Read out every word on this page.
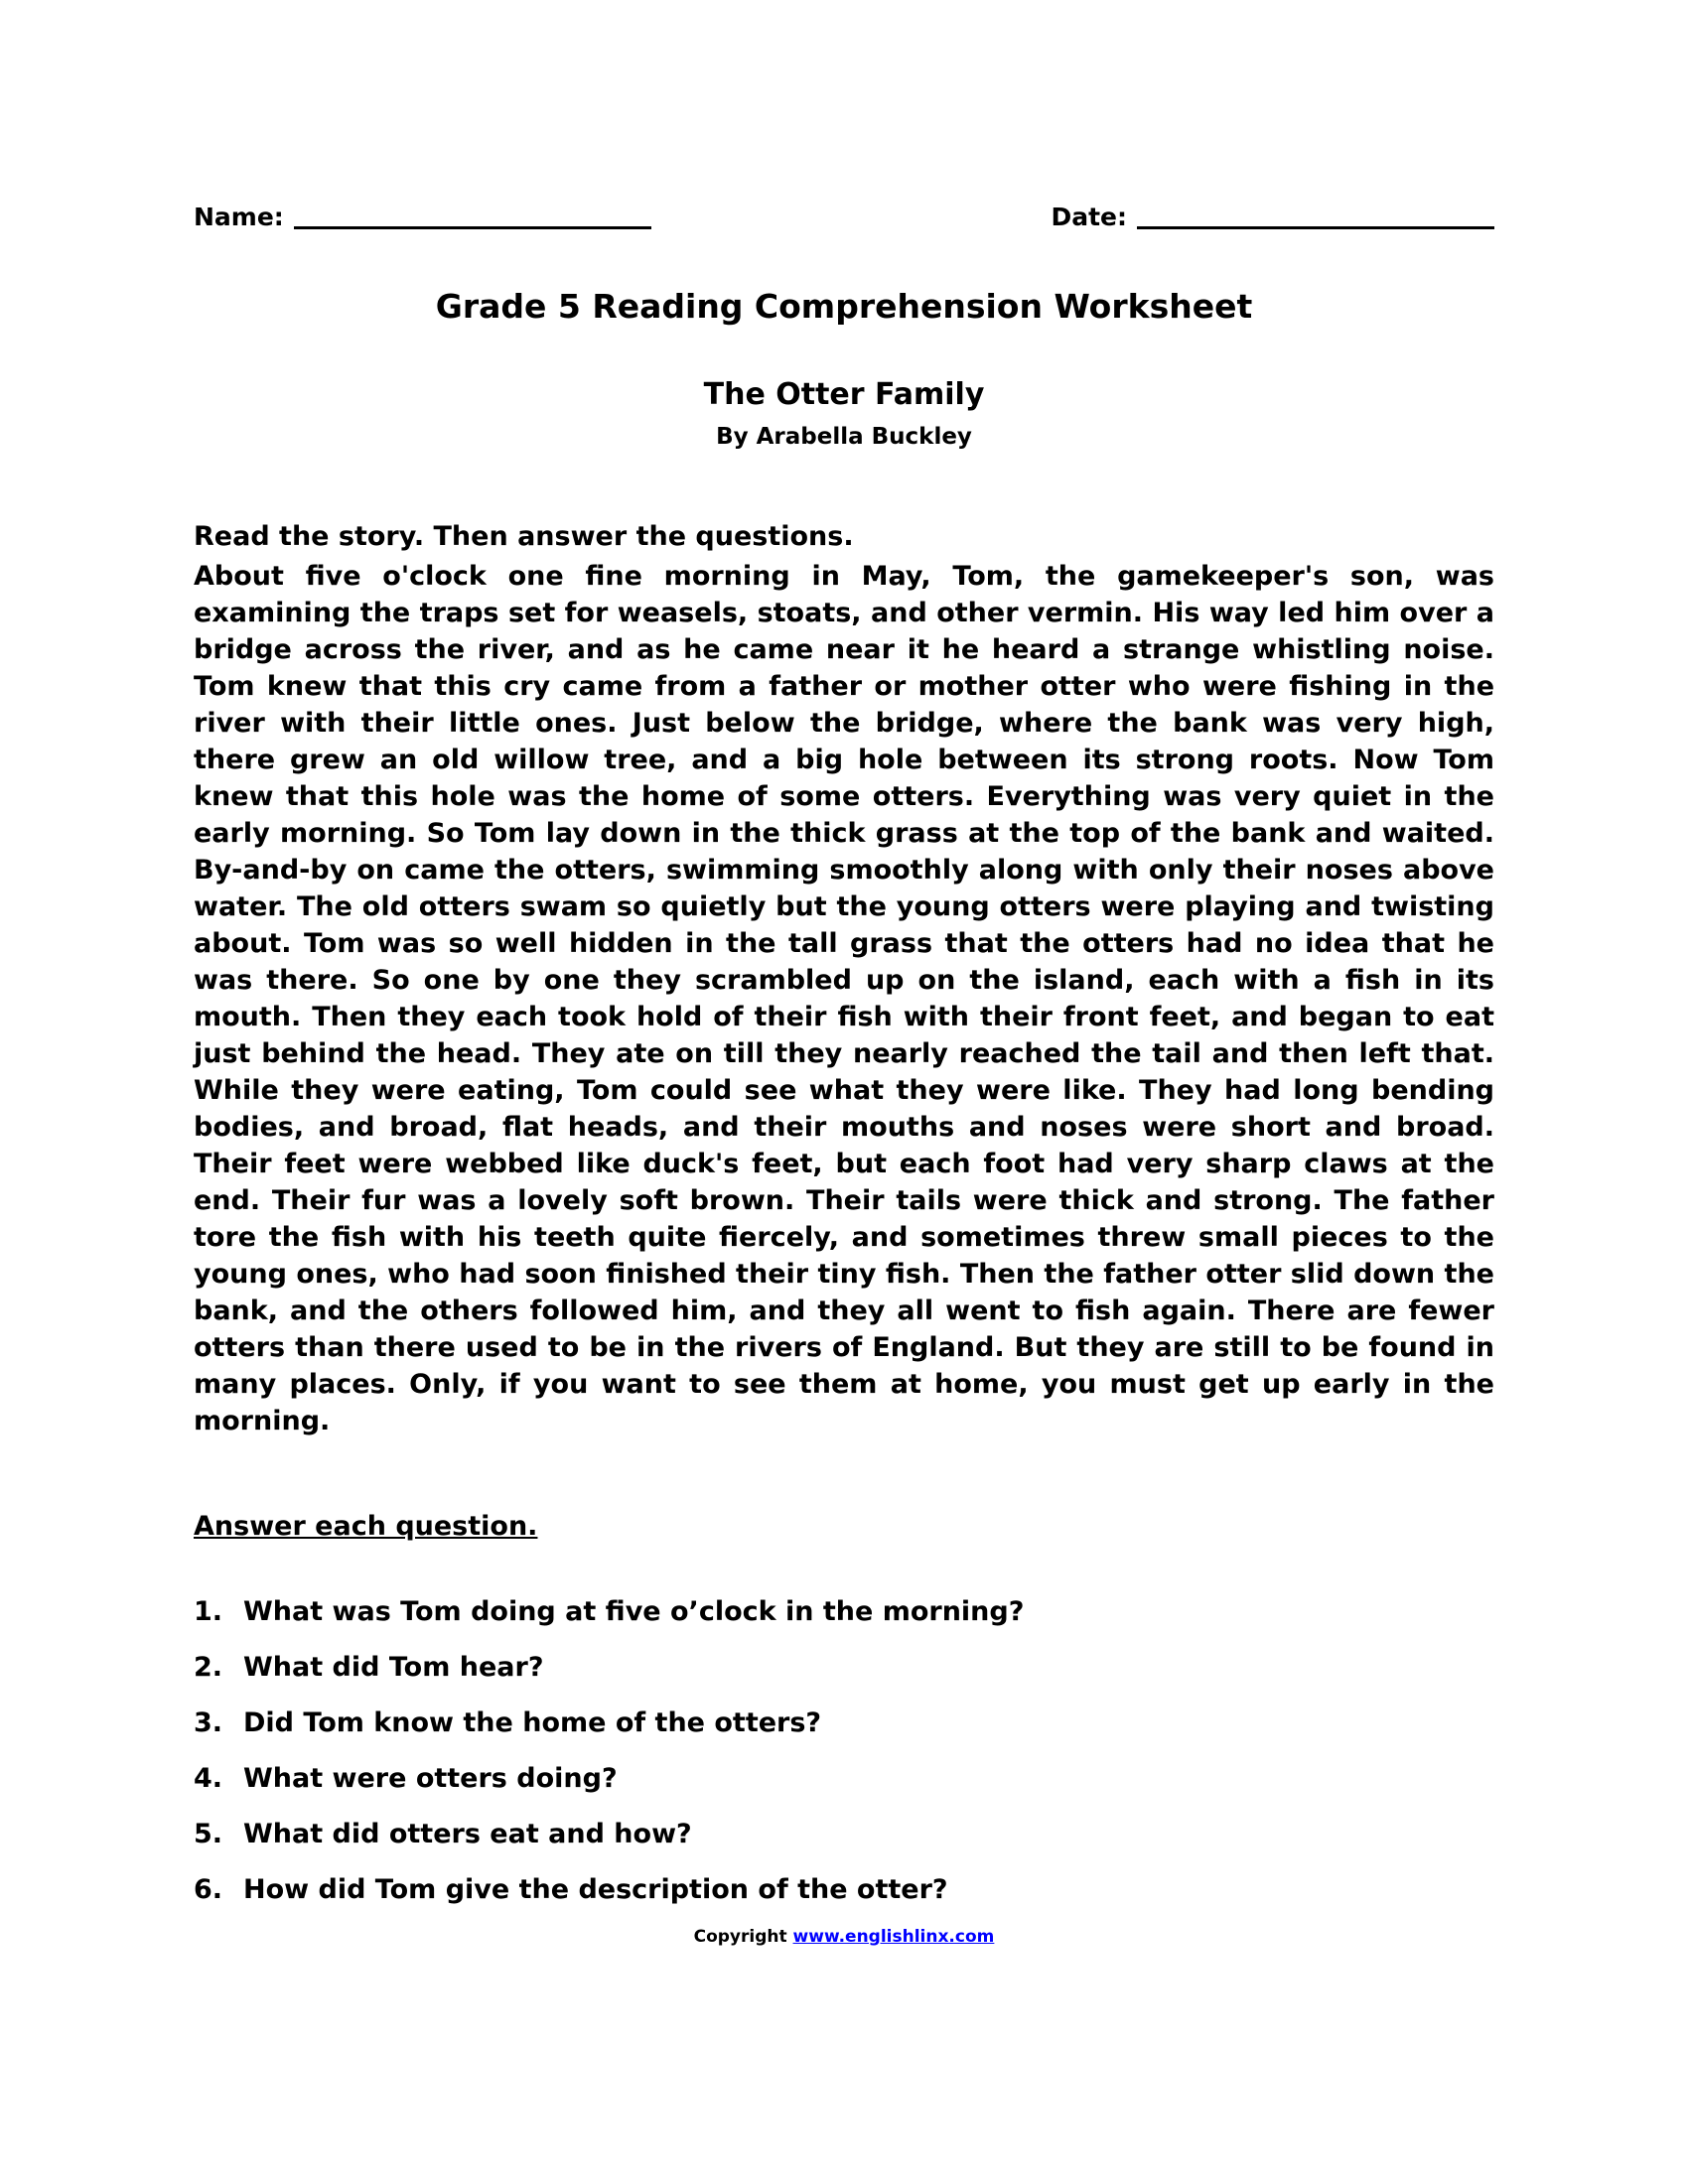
Name:	Date:
Grade 5 Reading Comprehension Worksheet
The Otter Family
By Arabella Buckley
Read the story. Then answer the questions.

About five o'clock one fine morning in May, Tom, the gamekeeper's son, was examining the traps set for weasels, stoats, and other vermin. His way led him over a bridge across the river, and as he came near it he heard a strange whistling noise. Tom knew that this cry came from a father or mother otter who were fishing in the river with their little ones. Just below the bridge, where the bank was very high, there grew an old willow tree, and a big hole between its strong roots. Now Tom knew that this hole was the home of some otters. Everything was very quiet in the early morning. So Tom lay down in the thick grass at the top of the bank and waited. By-and-by on came the otters, swimming smoothly along with only their noses above water. The old otters swam so quietly but the young otters were playing and twisting about. Tom was so well hidden in the tall grass that the otters had no idea that he was there. So one by one they scrambled up on the island, each with a fish in its mouth. Then they each took hold of their fish with their front feet, and began to eat just behind the head. They ate on till they nearly reached the tail and then left that. While they were eating, Tom could see what they were like. They had long bending bodies, and broad, flat heads, and their mouths and noses were short and broad. Their feet were webbed like duck's feet, but each foot had very sharp claws at the end. Their fur was a lovely soft brown. Their tails were thick and strong. The father tore the fish with his teeth quite fiercely, and sometimes threw small pieces to the young ones, who had soon finished their tiny fish. Then the father otter slid down the bank, and the others followed him, and they all went to fish again. There are fewer otters than there used to be in the rivers of England. But they are still to be found in many places. Only, if you want to see them at home, you must get up early in the morning.

Answer each question.
1. What was Tom doing at five o’clock in the morning?
2. What did Tom hear?
3. Did Tom know the home of the otters?
4. What were otters doing?
5. What did otters eat and how?
6. How did Tom give the description of the otter?
Copyright www.englishlinx.com
